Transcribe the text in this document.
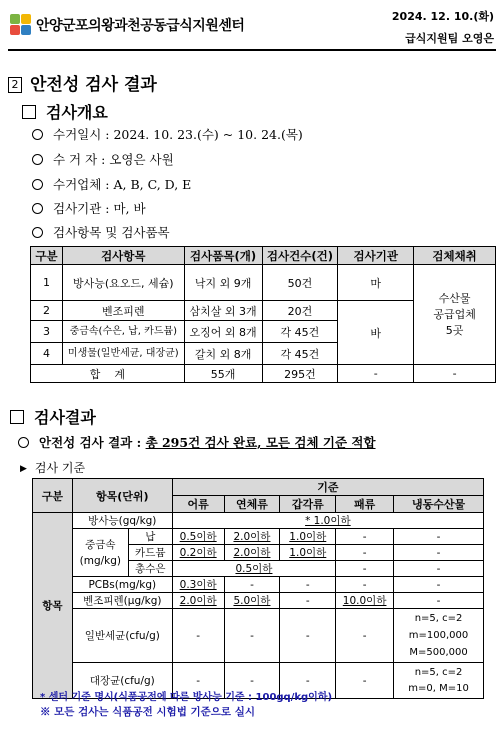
안양군포의왕과천공동급식지원센터
2024. 12. 10.(화)
급식지원팀 오영은
2 안전성 검사 결과
검사개요
수거일시 : 2024. 10. 23.(수) ~ 10. 24.(목)
수 거 자 : 오영은 사원
수거업체 : A, B, C, D, E
검사기관 : 마, 바
검사항목 및 검사품목
구분	검사항목	검사품목(개)	검사건수(건)	검사기관	검체채취
1	방사능(요오드, 세슘)	낙지 외 9개	50건	마	수산물
공급업체
5곳
2	벤조피렌	삼치살 외 3개	20건	바	
3	중금속(수은, 납, 카드뮴)	오징어 외 8개	각 45건		
4	미생물(일반세균, 대장균)	갈치 외 8개	각 45건		
합    계		55개	295건	-	-
검사결과
안전성 검사 결과 : 총 295건 검사 완료, 모든 검체 기준 적합
▶ 검사 기준
구분	항목(단위)		기준				
			어류	연체류	갑각류	패류	냉동수산물
항목	방사능(gq/kg)		* 1.0이하				
	중금속
(mg/kg)	납	0.5이하	2.0이하	1.0이하	-	-
		카드뮴	0.2이하	2.0이하	1.0이하	-	-
		총수은	0.5이하			-	-
	PCBs(mg/kg)		0.3이하	-	-	-	-
	벤조피렌(μg/kg)		2.0이하	5.0이하	-	10.0이하	-
	일반세균(cfu/g)		-	-	-	-	n=5, c=2
m=100,000
M=500,000
	대장균(cfu/g)		-	-	-	-	n=5, c=2
m=0, M=10
* 센터 기준 명시(식품공전에 따른 방사능 기준 : 100gq/kg이하)
※ 모든 검사는 식품공전 시험법 기준으로 실시
